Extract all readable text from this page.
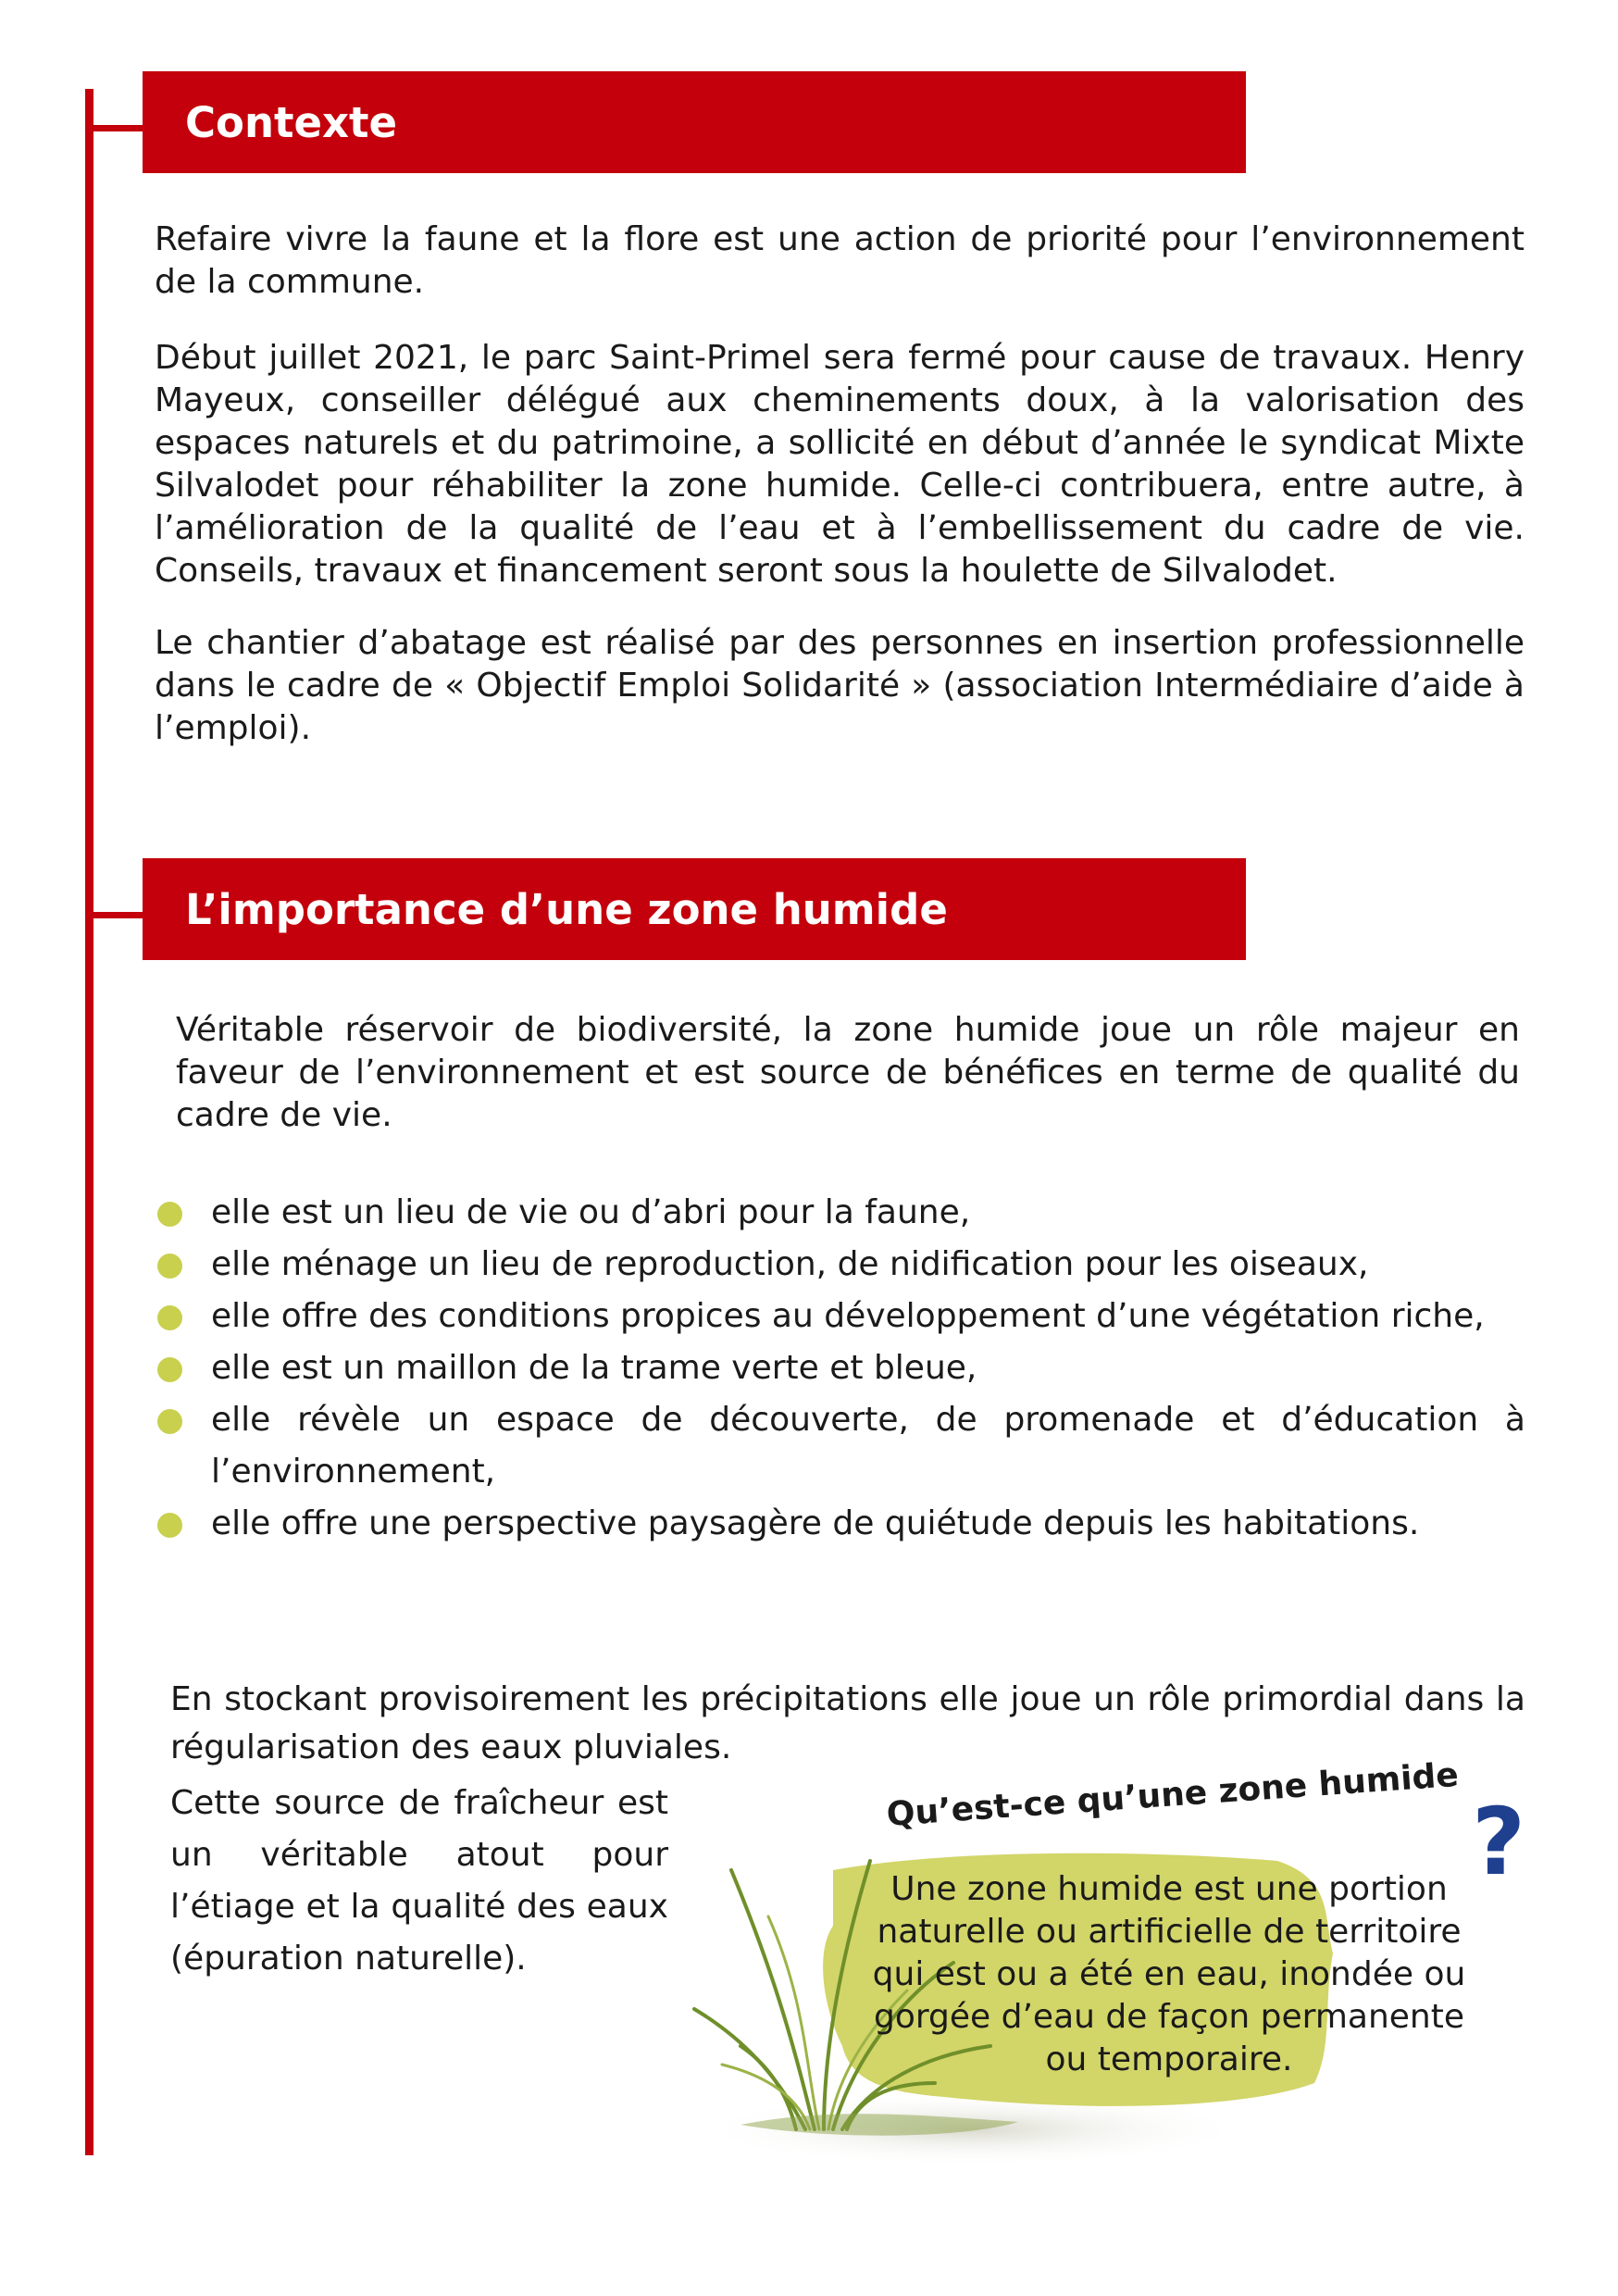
Contexte

Refaire vivre la faune et la flore est une action de priorité pour l’environnement de la commune.

Début juillet 2021, le parc Saint-Primel sera fermé pour cause de travaux. Henry Mayeux, conseiller délégué aux cheminements doux, à la valorisation des espaces naturels et du patrimoine, a sollicité en début d’année le syndicat Mixte Silvalodet pour réhabiliter la zone humide. Celle-ci contribuera, entre autre, à l’amélioration de la qualité de l’eau et à l’embellissement du cadre de vie. Conseils, travaux et financement seront sous la houlette de Silvalodet.

Le chantier d’abatage est réalisé par des personnes en insertion professionnelle dans le cadre de « Objectif Emploi Solidarité » (association Intermédiaire d’aide à l’emploi).

L’importance d’une zone humide

Véritable réservoir de biodiversité, la zone humide joue un rôle majeur en faveur de l’environnement et est source de bénéfices en terme de qualité du cadre de vie.

elle est un lieu de vie ou d’abri pour la faune,
elle ménage un lieu de reproduction, de nidification pour les oiseaux,
elle offre des conditions propices au développement d’une végétation riche,
elle est un maillon de la trame verte et bleue,
elle révèle un espace de découverte, de promenade et d’éducation à l’environnement,
elle offre une perspective paysagère de quiétude depuis les habitations.

En stockant provisoirement les précipitations elle joue un rôle primordial dans la régularisation des eaux pluviales.

Cette source de fraîcheur est un véritable atout pour l’étiage et la qualité des eaux (épuration naturelle).

Qu’est-ce qu’une zone humide ?
Une zone humide est une portion naturelle ou artificielle de territoire qui est ou a été en eau, inondée ou gorgée d’eau de façon permanente ou temporaire.
